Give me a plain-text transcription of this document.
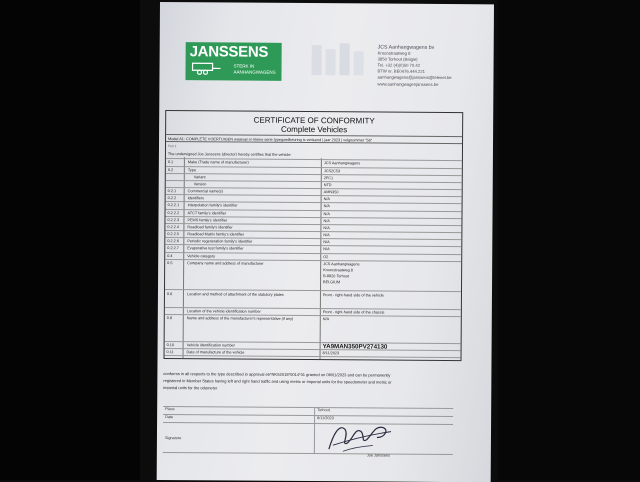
JANSSENS
STERK IN
AANHANGWAGENS
JCS Aanhangwagens bv
Kroonstraatweg 8
3850 Torhout (Belgie)
Tel. +32 (4)(0)50 70.42
BTW nr. BE0476.444.221
aanhangwagens@janssens@telenet.be
www.aanhangwagenjanssens.be
CERTIFICATE OF CONFORMITY
Complete Vehicles
Model A1: COMPLETE VOERTUIGEN waarvan in kleine serie typegoedkeuring is verleend | jaar 2023 | volgnummer "56"
Part 1
The undersigned Joe Janssens (director) hereby certifies that the vehicle:
0.1	Make (Trade name of manufacturer)	JCS Aanhangwagens
0.2	Type	JCS2C53
Variant	2FC1
Version	NTD
0.2.1	Commercial name(s)	AMN350
0.2.2	Identifiers	N/A
0.2.2.1 Interpolation family's identifier	N/A
0.2.2.2 ATCT family's identifier	N/A
0.2.2.3 PEMS family's identifier	N/A
0.2.2.4 Roadload family's identifier	N/A
0.2.2.5 Roadload Matrix family's identifier	N/A
0.2.2.6 Periodic regeneration family's identifier	N/A
0.2.2.7 Evaporative test family's identifier	N/A
0.4	Vehicle category	O2
0.5	Company name and address of manufacturer	JCS Aanhangwagens
Kroonstraatweg 8
B-8820 Torhout
BELGIUM
0.6	Location and method of attachment of the statutory plates	Front - right-hand side of the vehicle
Location of the vehicle identification number	Front - right-hand side of the chassis
0.8	Name and address of the manufacturer's representative (if any)	N/A
0.10	Vehicle identification number	YA9MAN350PV274130
0.11	Date of manufacture of the vehicle	8/11/2023
conforms in all respects to the type described in approval e6*NKS2018*0014*01 granted on 09/01/2023 and can be permanently
registered in Member States having left and right hand traffic and using metric or imperial units for the speedometer and metric or
imperial units for the odometer
Place	Torhout
Date	8/11/2023
Signature
Joe Janssens
